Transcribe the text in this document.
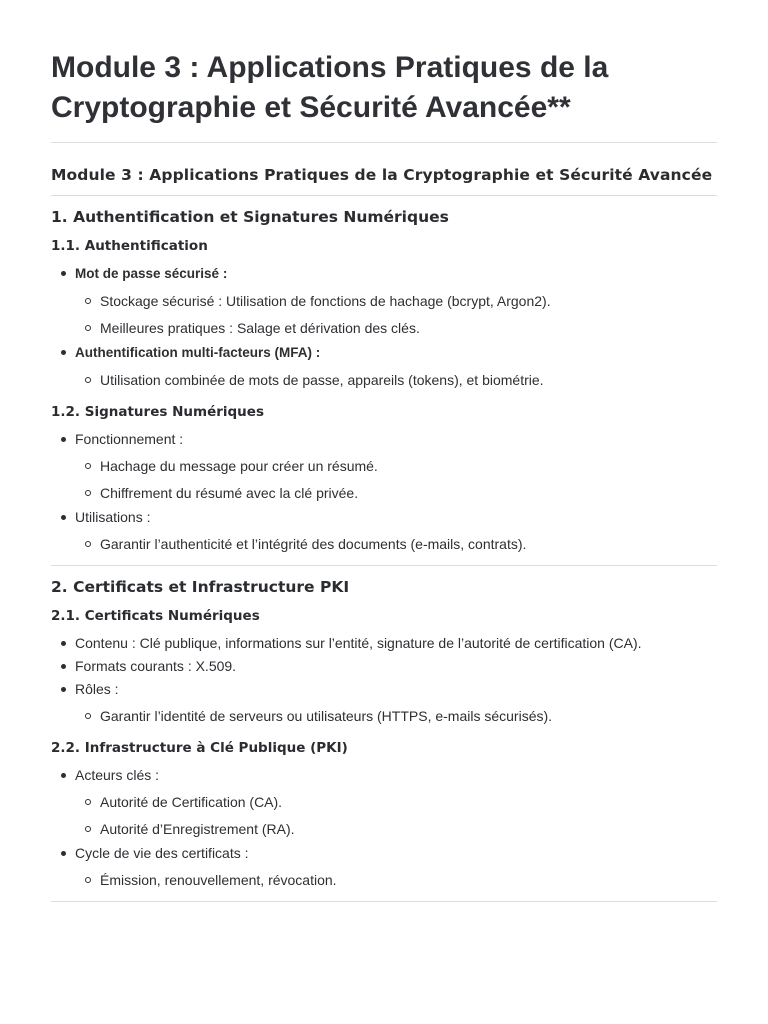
Module 3 : Applications Pratiques de la Cryptographie et Sécurité Avancée**
Module 3 : Applications Pratiques de la Cryptographie et Sécurité Avancée
1. Authentification et Signatures Numériques
1.1. Authentification
Mot de passe sécurisé :
Stockage sécurisé : Utilisation de fonctions de hachage (bcrypt, Argon2).
Meilleures pratiques : Salage et dérivation des clés.
Authentification multi-facteurs (MFA) :
Utilisation combinée de mots de passe, appareils (tokens), et biométrie.
1.2. Signatures Numériques
Fonctionnement :
Hachage du message pour créer un résumé.
Chiffrement du résumé avec la clé privée.
Utilisations :
Garantir l’authenticité et l’intégrité des documents (e-mails, contrats).
2. Certificats et Infrastructure PKI
2.1. Certificats Numériques
Contenu : Clé publique, informations sur l’entité, signature de l’autorité de certification (CA).
Formats courants : X.509.
Rôles :
Garantir l’identité de serveurs ou utilisateurs (HTTPS, e-mails sécurisés).
2.2. Infrastructure à Clé Publique (PKI)
Acteurs clés :
Autorité de Certification (CA).
Autorité d’Enregistrement (RA).
Cycle de vie des certificats :
Émission, renouvellement, révocation.
